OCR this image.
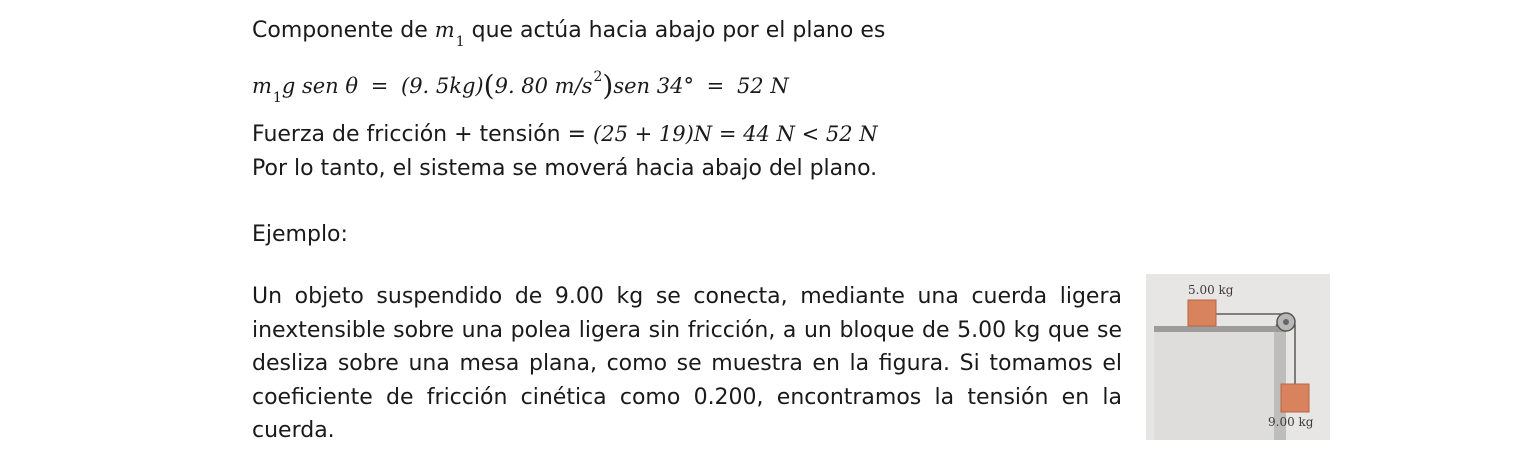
Componente de $m_1$ que actúa hacia abajo por el plano es
$m_1g$ sen θ = (9. 5kg)(9. 80 $m/s^2)sen$ 34° = 52 N
Fuerza de fricción + tensión = (25 + 19)N = 44 N < 52 N
Por lo tanto, el sistema se moverá hacia abajo del plano.
Ejemplo:
Un objeto suspendido de 9.00 kg se conecta, mediante una cuerda ligera inextensible sobre una polea ligera sin fricción, a un bloque de 5.00 kg que se desliza sobre una mesa plana, como se muestra en la figura. Si tomamos el coeficiente de fricción cinética como 0.200, encontramos la tensión en la cuerda.
5.00 kg
9.00 kg
